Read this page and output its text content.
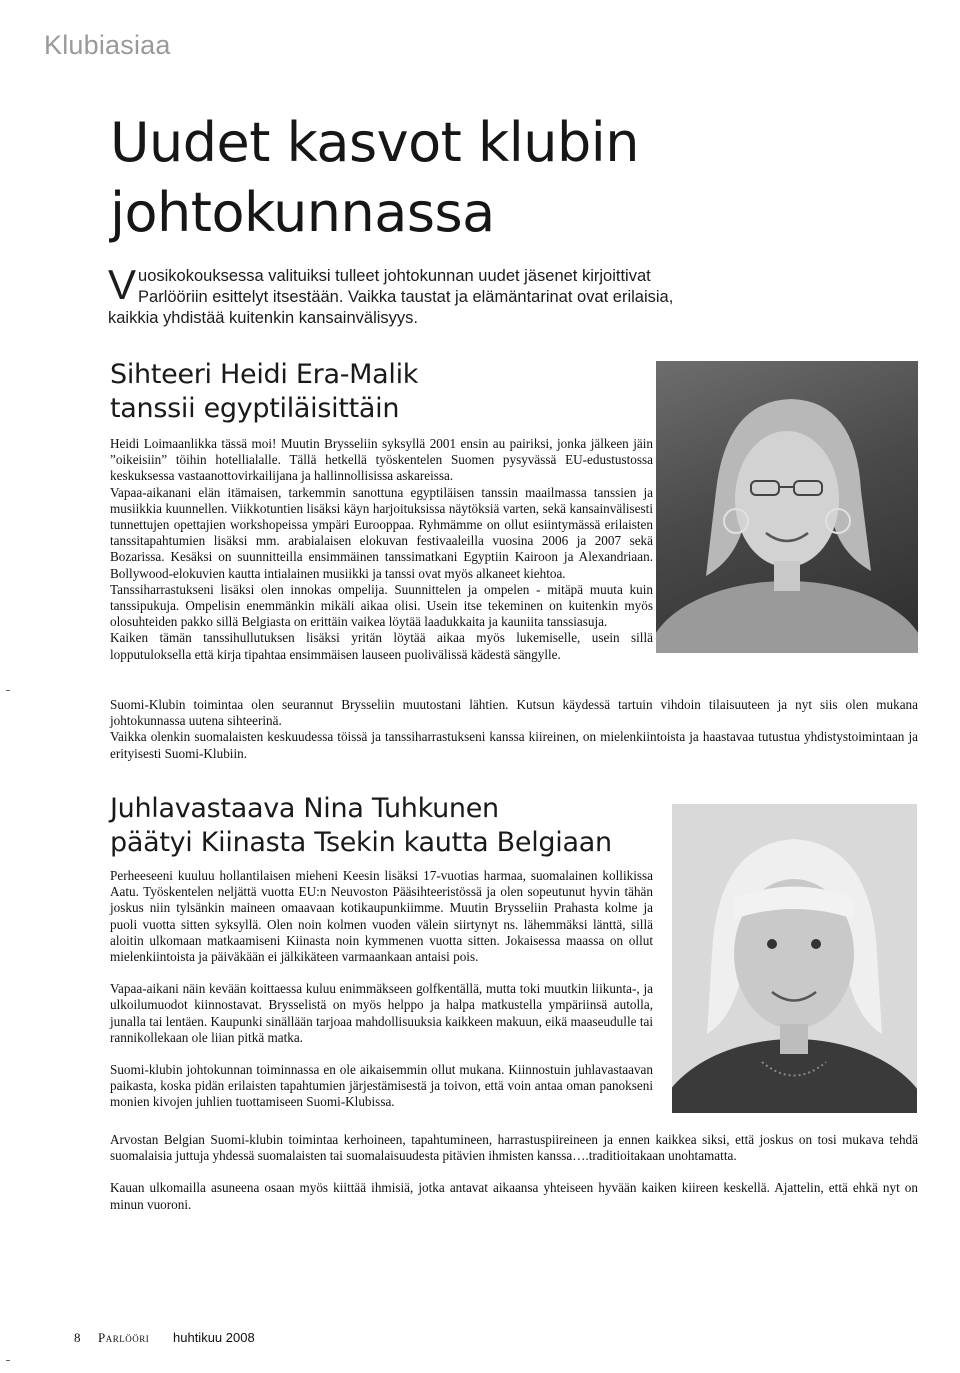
Klubiasiaa
Uudet kasvot klubin
johtokunnassa

Vuosikokouksessa valituiksi tulleet johtokunnan uudet jäsenet kirjoittivat Parlööriin esittelyt itsestään. Vaikka taustat ja elämäntarinat ovat erilaisia, kaikkia yhdistää kuitenkin kansainvälisyys.

Sihteeri Heidi Era-Malik
tanssii egyptiläisittäin

Heidi Loimaanlikka tässä moi! Muutin Brysseliin syksyllä 2001 ensin au pairiksi, jonka jälkeen jäin ”oikeisiin” töihin hotellialalle. Tällä hetkellä työskentelen Suomen pysyvässä EU-edustustossa keskuksessa vastaanottovirkailijana ja hallinnollisissa askareissa.

Vapaa-aikanani elän itämaisen, tarkemmin sanottuna egyptiläisen tanssin maailmassa tanssien ja musiikkia kuunnellen. Viikkotuntien lisäksi käyn harjoituksissa näytöksiä varten, sekä kansainvälisesti tunnettujen opettajien workshopeissa ympäri Eurooppaa. Ryhmämme on ollut esiintymässä erilaisten tanssitapahtumien lisäksi mm. arabialaisen elokuvan festivaaleilla vuosina 2006 ja 2007 sekä Bozarissa. Kesäksi on suunnitteilla ensimmäinen tanssimatkani Egyptiin Kairoon ja Alexandriaan. Bollywood-elokuvien kautta intialainen musiikki ja tanssi ovat myös alkaneet kiehtoa.

Tanssiharrastukseni lisäksi olen innokas ompelija. Suunnittelen ja ompelen - mitäpä muuta kuin tanssipukuja. Ompelisin enemmänkin mikäli aikaa olisi. Usein itse tekeminen on kuitenkin myös olosuhteiden pakko sillä Belgiasta on erittäin vaikea löytää laadukkaita ja kauniita tanssiasuja.

Kaiken tämän tanssihullutuksen lisäksi yritän löytää aikaa myös lukemiselle, usein sillä lopputuloksella että kirja tipahtaa ensimmäisen lauseen puolivälissä kädestä sängylle.

Suomi-Klubin toimintaa olen seurannut Brysseliin muutostani lähtien. Kutsun käydessä tartuin vihdoin tilaisuuteen ja nyt siis olen mukana johtokunnassa uutena sihteerinä.

Vaikka olenkin suomalaisten keskuudessa töissä ja tanssiharrastukseni kanssa kiireinen, on mielenkiintoista ja haastavaa tutustua yhdistystoimintaan ja erityisesti Suomi-Klubiin.

Juhlavastaava Nina Tuhkunen
päätyi Kiinasta Tsekin kautta Belgiaan

Perheeseeni kuuluu hollantilaisen mieheni Keesin lisäksi 17-vuotias harmaa, suomalainen kollikissa Aatu. Työskentelen neljättä vuotta EU:n Neuvoston Pääsihteeristössä ja olen sopeutunut hyvin tähän joskus niin tylsänkin maineen omaavaan kotikaupunkiimme. Muutin Brysseliin Prahasta kolme ja puoli vuotta sitten syksyllä. Olen noin kolmen vuoden välein siirtynyt ns. lähemmäksi länttä, sillä aloitin ulkomaan matkaamiseni Kiinasta noin kymmenen vuotta sitten. Jokaisessa maassa on ollut mielenkiintoista ja päiväkään ei jälkikäteen varmaankaan antaisi pois.

Vapaa-aikani näin kevään koittaessa kuluu enimmäkseen golfkentällä, mutta toki muutkin liikunta-, ja ulkoilumuodot kiinnostavat. Brysselistä on myös helppo ja halpa matkustella ympäriinsä autolla, junalla tai lentäen. Kaupunki sinällään tarjoaa mahdollisuuksia kaikkeen makuun, eikä maaseudulle tai rannikollekaan ole liian pitkä matka.

Suomi-klubin johtokunnan toiminnassa en ole aikaisemmin ollut mukana. Kiinnostuin juhlavastaavan paikasta, koska pidän erilaisten tapahtumien järjestämisestä ja toivon, että voin antaa oman panokseni monien kivojen juhlien tuottamiseen Suomi-Klubissa.

Arvostan Belgian Suomi-klubin toimintaa kerhoineen, tapahtumineen, harrastuspiireineen ja ennen kaikkea siksi, että joskus on tosi mukava tehdä suomalaisia juttuja yhdessä suomalaisten tai suomalaisuudesta pitävien ihmisten kanssa….traditioitakaan unohtamatta.

Kauan ulkomailla asuneena osaan myös kiittää ihmisiä, jotka antavat aikaansa yhteiseen hyvään kaiken kiireen keskellä. Ajattelin, että ehkä nyt on minun vuoroni.

8 Parlööri huhtikuu 2008
